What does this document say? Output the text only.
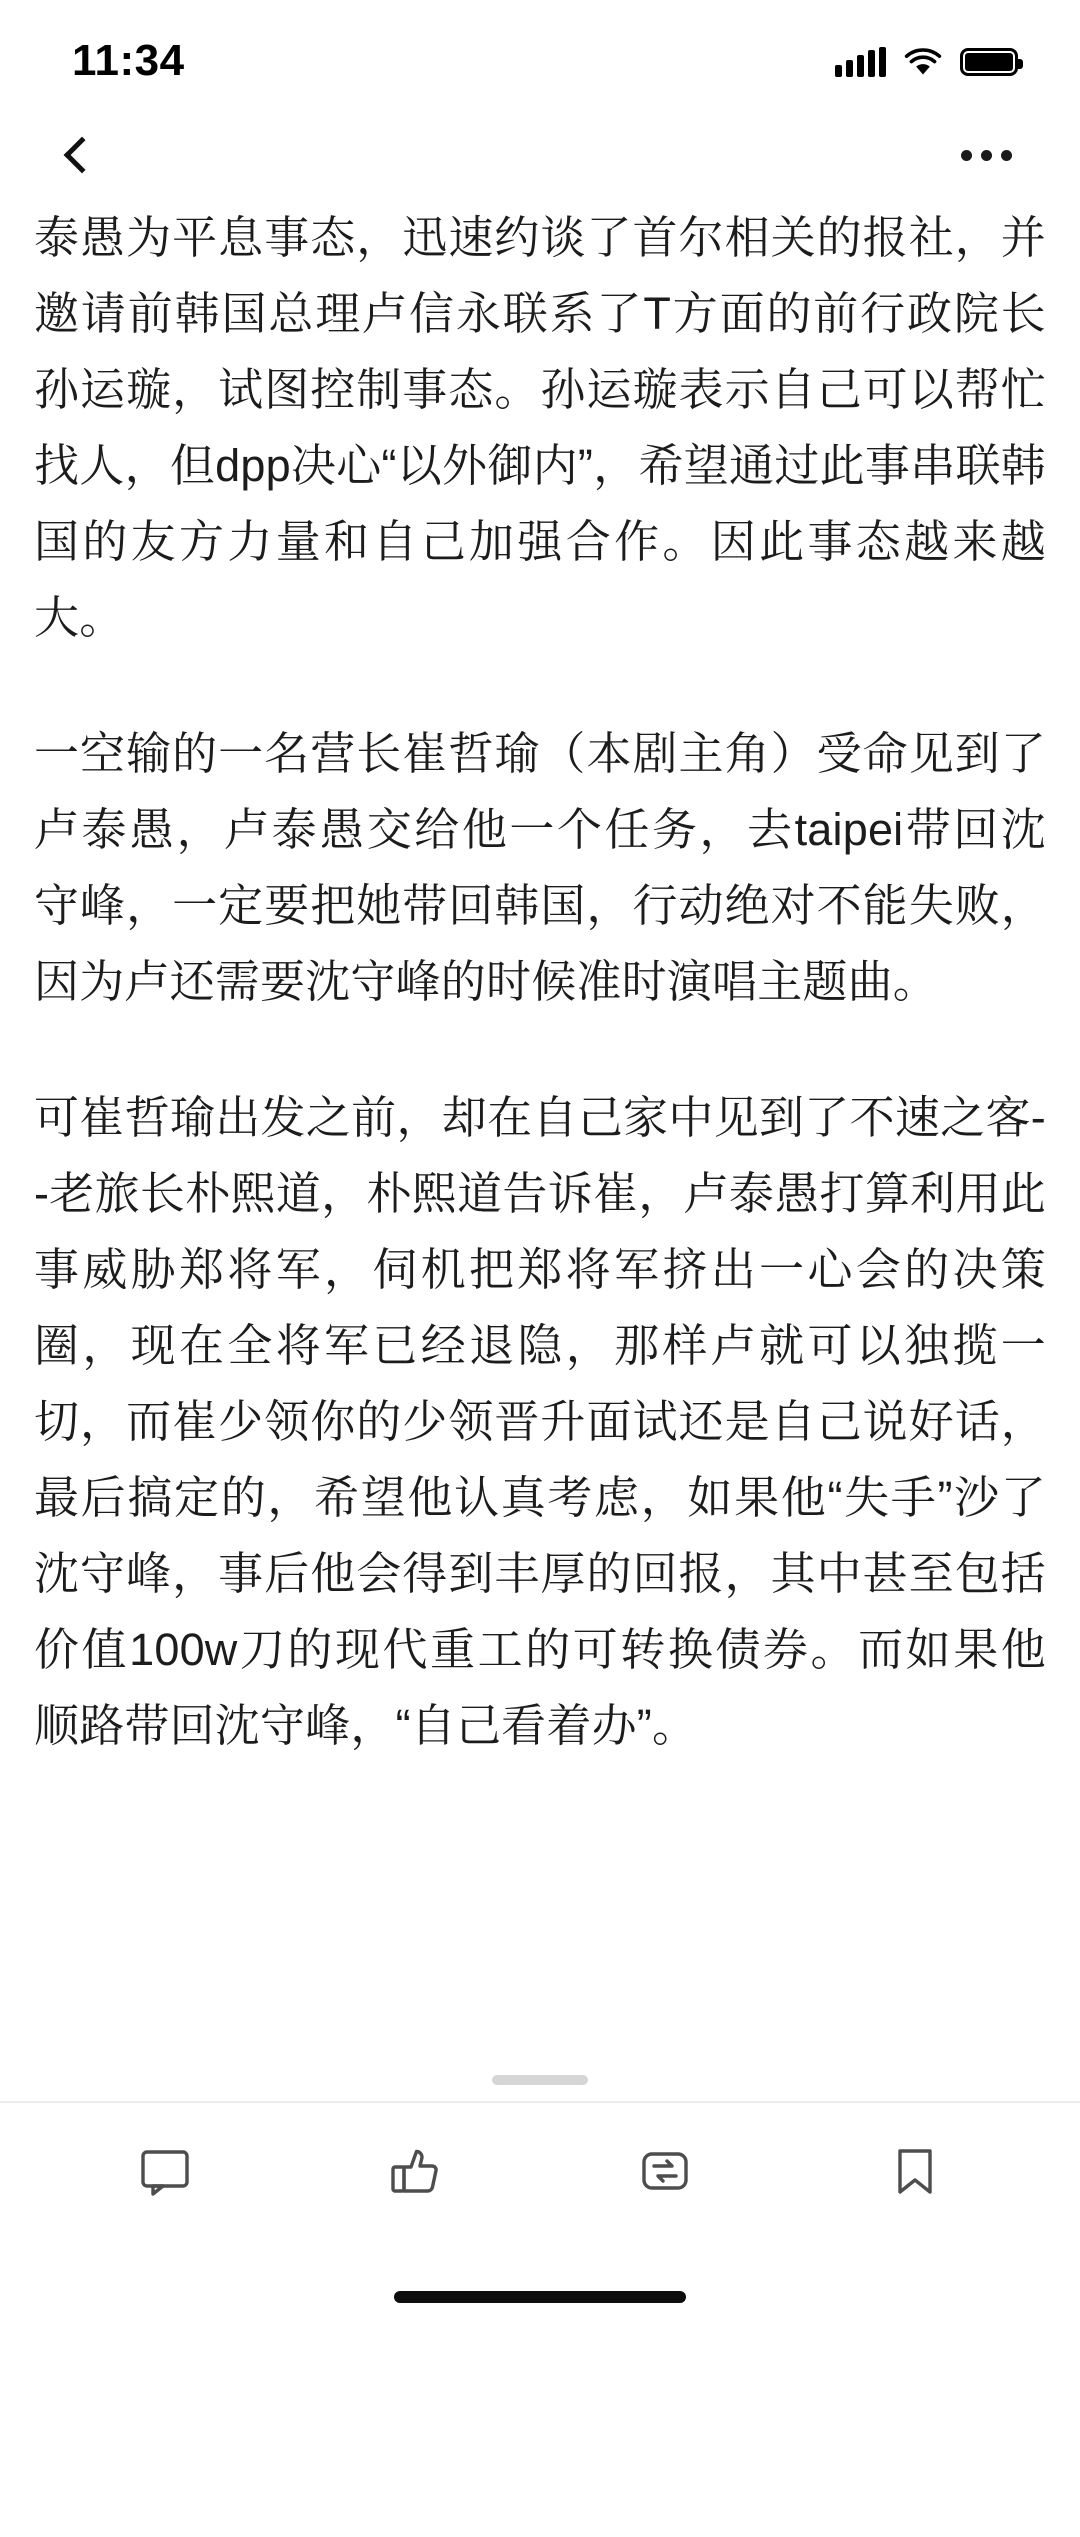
11:34

泰愚为平息事态，迅速约谈了首尔相关的报社，并邀请前韩国总理卢信永联系了T方面的前行政院长孙运璇，试图控制事态。孙运璇表示自己可以帮忙找人，但dpp决心“以外御内”，希望通过此事串联韩国的友方力量和自己加强合作。因此事态越来越大。

一空输的一名营长崔哲瑜（本剧主角）受命见到了卢泰愚，卢泰愚交给他一个任务，去taipei带回沈守峰，一定要把她带回韩国，行动绝对不能失败，因为卢还需要沈守峰的时候准时演唱主题曲。

可崔哲瑜出发之前，却在自己家中见到了不速之客--老旅长朴熙道，朴熙道告诉崔，卢泰愚打算利用此事威胁郑将军，伺机把郑将军挤出一心会的决策圈，现在全将军已经退隐，那样卢就可以独揽一切，而崔少领你的少领晋升面试还是自己说好话，最后搞定的，希望他认真考虑，如果他“失手”沙了沈守峰，事后他会得到丰厚的回报，其中甚至包括价值100w刀的现代重工的可转换债券。而如果他顺路带回沈守峰，“自己看着办”。
